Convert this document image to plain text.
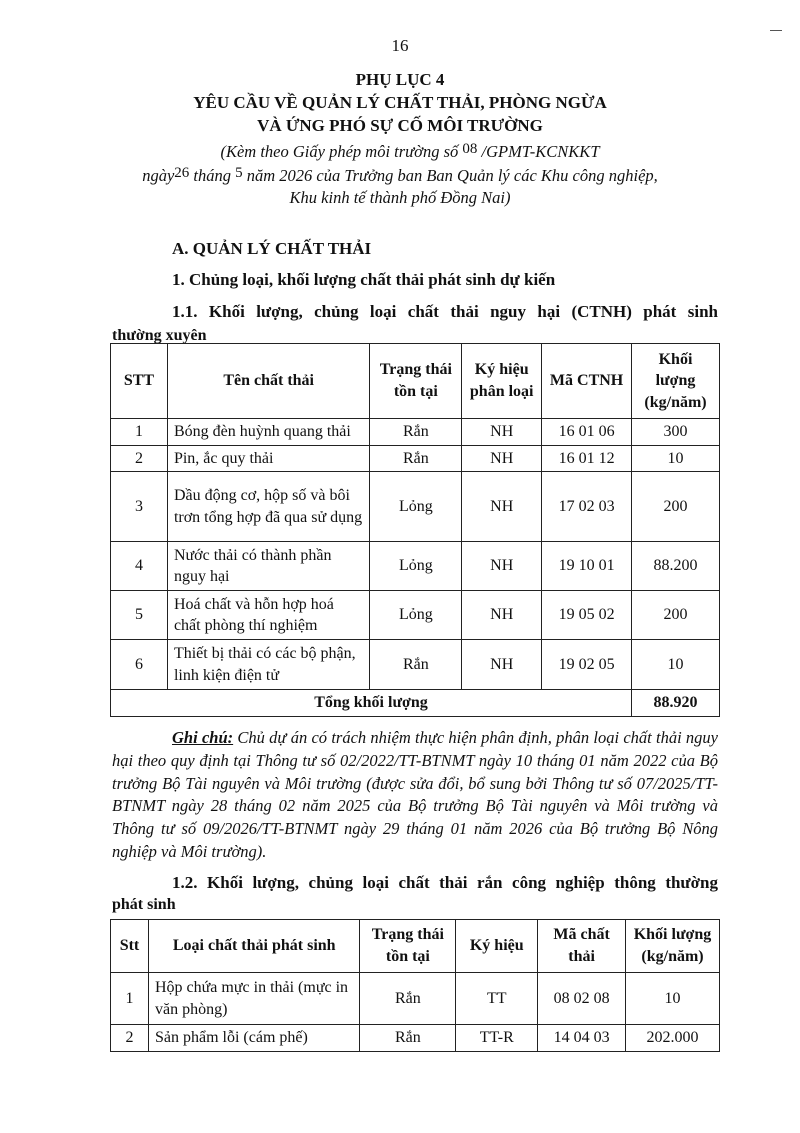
16
PHỤ LỤC 4
YÊU CẦU VỀ QUẢN LÝ CHẤT THẢI, PHÒNG NGỪA
VÀ ỨNG PHÓ SỰ CỐ MÔI TRƯỜNG
(Kèm theo Giấy phép môi trường số 08 /GPMT-KCNKKT
ngày26 tháng 5 năm 2026 của Trưởng ban Ban Quản lý các Khu công nghiệp,
Khu kinh tế thành phố Đồng Nai)
A. QUẢN LÝ CHẤT THẢI
1. Chủng loại, khối lượng chất thải phát sinh dự kiến
1.1. Khối lượng, chủng loại chất thải nguy hại (CTNH) phát sinh
thường xuyên
STT	Tên chất thải	Trạng thái tồn tại	Ký hiệu phân loại	Mã CTNH	Khối lượng (kg/năm)
1	Bóng đèn huỳnh quang thải	Rắn	NH	16 01 06	300
2	Pin, ắc quy thải	Rắn	NH	16 01 12	10
3	Dầu động cơ, hộp số và bôi trơn tổng hợp đã qua sử dụng	Lỏng	NH	17 02 03	200
4	Nước thải có thành phần nguy hại	Lỏng	NH	19 10 01	88.200
5	Hoá chất và hỗn hợp hoá chất phòng thí nghiệm	Lỏng	NH	19 05 02	200
6	Thiết bị thải có các bộ phận, linh kiện điện tử	Rắn	NH	19 02 05	10
Tổng khối lượng					88.920
Ghi chú: Chủ dự án có trách nhiệm thực hiện phân định, phân loại chất thải nguy hại theo quy định tại Thông tư số 02/2022/TT-BTNMT ngày 10 tháng 01 năm 2022 của Bộ trưởng Bộ Tài nguyên và Môi trường (được sửa đổi, bổ sung bởi Thông tư số 07/2025/TT-BTNMT ngày 28 tháng 02 năm 2025 của Bộ trưởng Bộ Tài nguyên và Môi trường và Thông tư số 09/2026/TT-BTNMT ngày 29 tháng 01 năm 2026 của Bộ trưởng Bộ Nông nghiệp và Môi trường).
1.2. Khối lượng, chủng loại chất thải rắn công nghiệp thông thường
phát sinh
Stt	Loại chất thải phát sinh	Trạng thái tồn tại	Ký hiệu	Mã chất thải	Khối lượng (kg/năm)
1	Hộp chứa mực in thải (mực in văn phòng)	Rắn	TT	08 02 08	10
2	Sản phẩm lỗi (cám phế)	Rắn	TT-R	14 04 03	202.000
